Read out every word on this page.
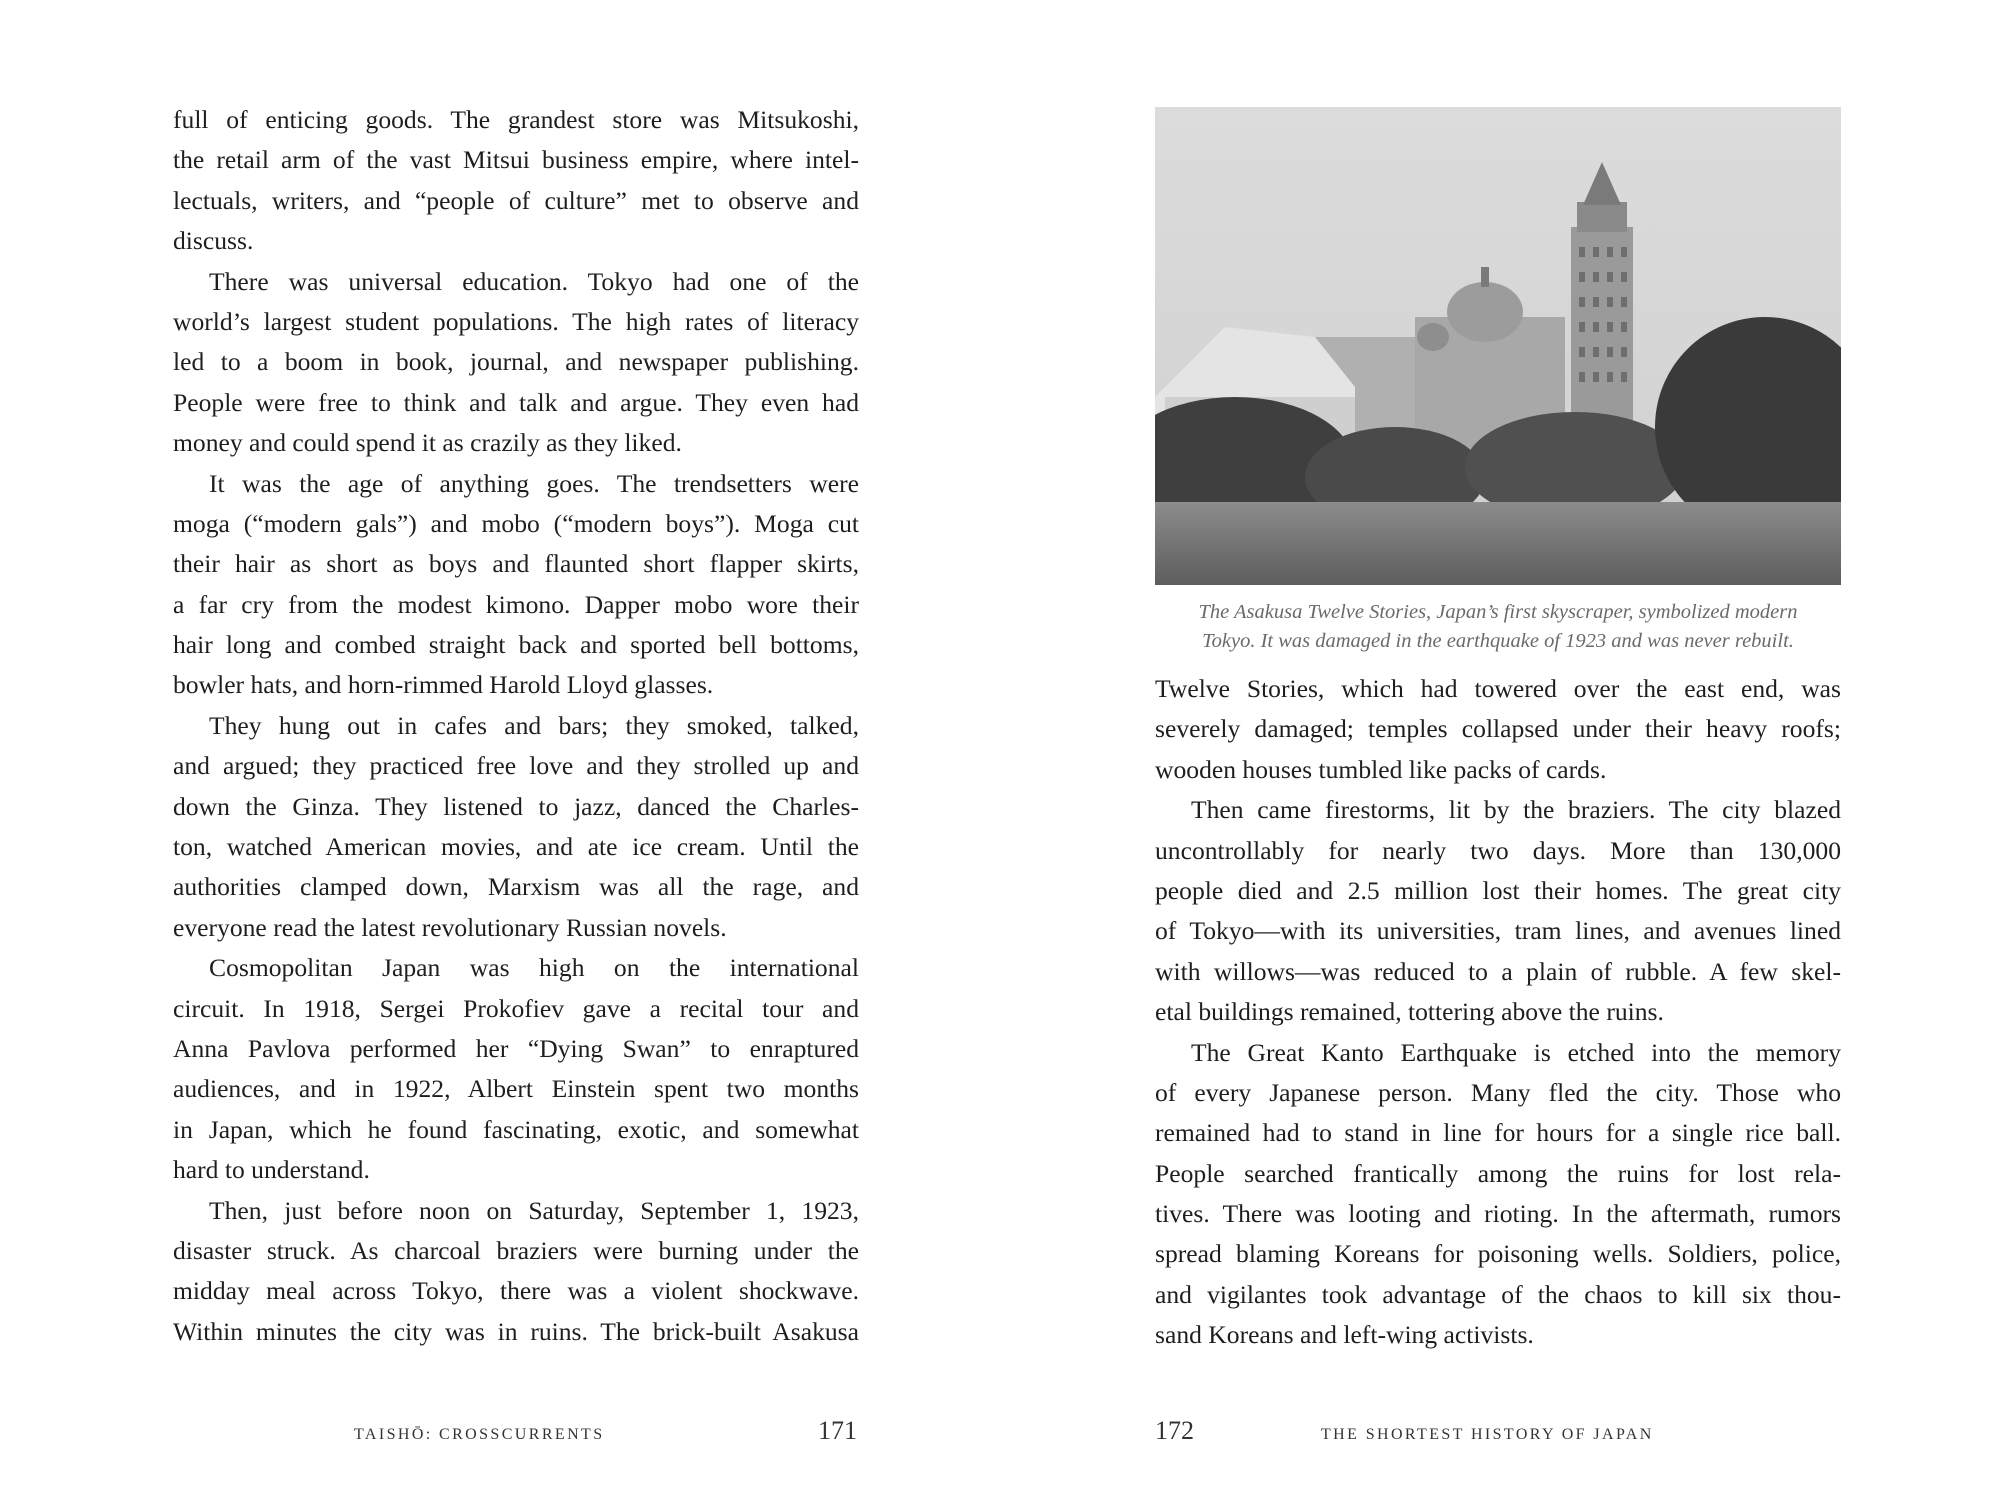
full of enticing goods. The grandest store was Mitsukoshi,
the retail arm of the vast Mitsui business empire, where intel-
lectuals, writers, and “people of culture” met to observe and
discuss.

There was universal education. Tokyo had one of the
world’s largest student populations. The high rates of literacy
led to a boom in book, journal, and newspaper publishing.
People were free to think and talk and argue. They even had
money and could spend it as crazily as they liked.

It was the age of anything goes. The trendsetters were
moga (“modern gals”) and mobo (“modern boys”). Moga cut
their hair as short as boys and flaunted short flapper skirts,
a far cry from the modest kimono. Dapper mobo wore their
hair long and combed straight back and sported bell bottoms,
bowler hats, and horn-rimmed Harold Lloyd glasses.

They hung out in cafes and bars; they smoked, talked,
and argued; they practiced free love and they strolled up and
down the Ginza. They listened to jazz, danced the Charles-
ton, watched American movies, and ate ice cream. Until the
authorities clamped down, Marxism was all the rage, and
everyone read the latest revolutionary Russian novels.

Cosmopolitan Japan was high on the international
circuit. In 1918, Sergei Prokofiev gave a recital tour and
Anna Pavlova performed her “Dying Swan” to enraptured
audiences, and in 1922, Albert Einstein spent two months
in Japan, which he found fascinating, exotic, and somewhat
hard to understand.

Then, just before noon on Saturday, September 1, 1923,
disaster struck. As charcoal braziers were burning under the
midday meal across Tokyo, there was a violent shockwave.
Within minutes the city was in ruins. The brick-built Asakusa

TAISHŌ: CROSSCURRENTS	171
The Asakusa Twelve Stories, Japan’s first skyscraper, symbolized modern
Tokyo. It was damaged in the earthquake of 1923 and was never rebuilt.

Twelve Stories, which had towered over the east end, was
severely damaged; temples collapsed under their heavy roofs;
wooden houses tumbled like packs of cards.

Then came firestorms, lit by the braziers. The city blazed
uncontrollably for nearly two days. More than 130,000
people died and 2.5 million lost their homes. The great city
of Tokyo—with its universities, tram lines, and avenues lined
with willows—was reduced to a plain of rubble. A few skel-
etal buildings remained, tottering above the ruins.

The Great Kanto Earthquake is etched into the memory
of every Japanese person. Many fled the city. Those who
remained had to stand in line for hours for a single rice ball.
People searched frantically among the ruins for lost rela-
tives. There was looting and rioting. In the aftermath, rumors
spread blaming Koreans for poisoning wells. Soldiers, police,
and vigilantes took advantage of the chaos to kill six thou-
sand Koreans and left-wing activists.

172	THE SHORTEST HISTORY OF JAPAN
